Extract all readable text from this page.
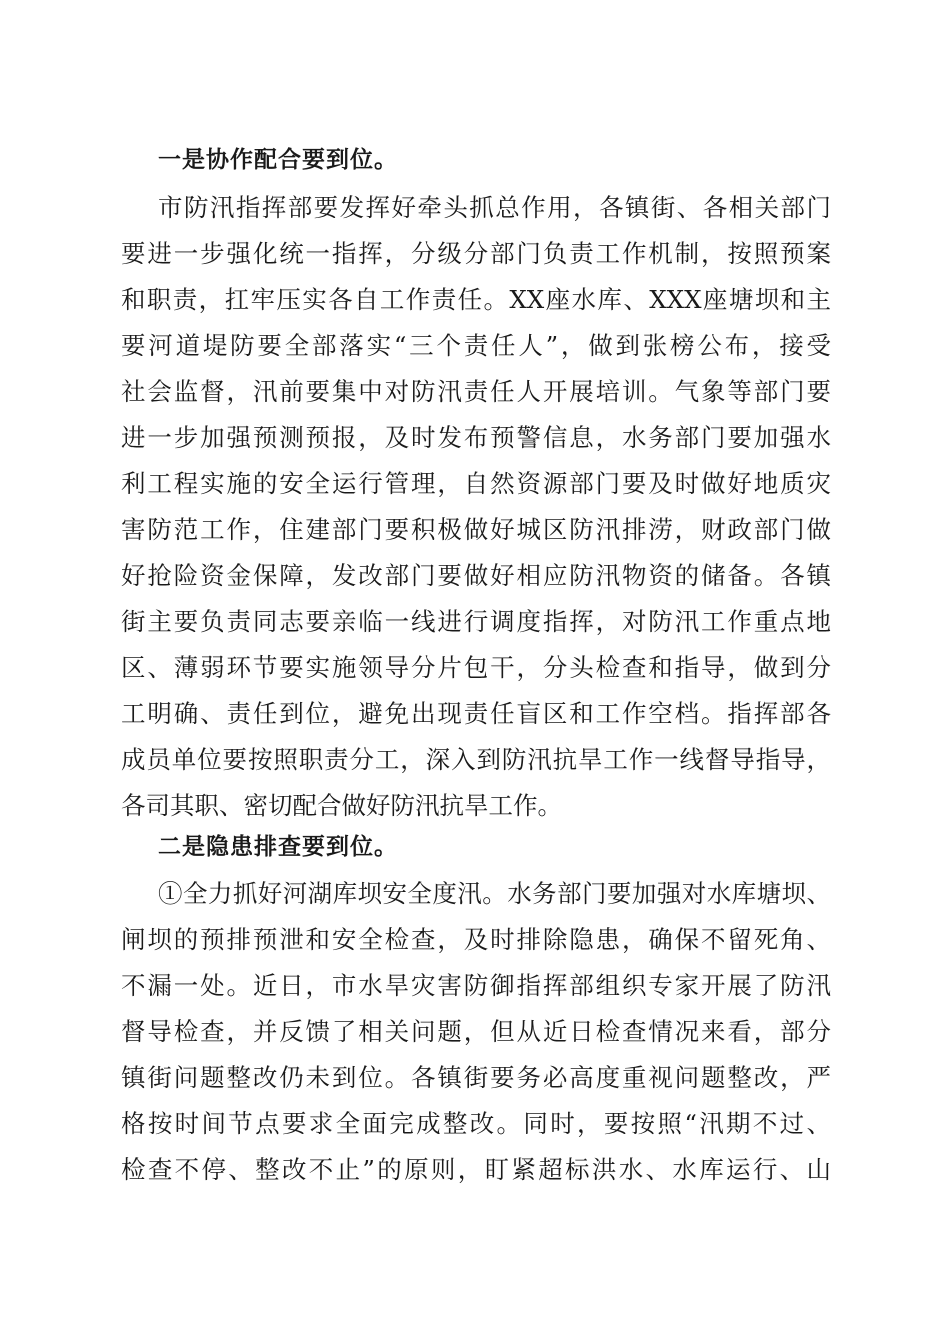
一是协作配合要到位。
市防汛指挥部要发挥好牵头抓总作用，各镇街、各相关部门
要进一步强化统一指挥，分级分部门负责工作机制，按照预案
和职责，扛牢压实各自工作责任。XX座水库、XXX座塘坝和主
要河道堤防要全部落实“三个责任人”，做到张榜公布，接受
社会监督，汛前要集中对防汛责任人开展培训。气象等部门要
进一步加强预测预报，及时发布预警信息，水务部门要加强水
利工程实施的安全运行管理，自然资源部门要及时做好地质灾
害防范工作，住建部门要积极做好城区防汛排涝，财政部门做
好抢险资金保障，发改部门要做好相应防汛物资的储备。各镇
街主要负责同志要亲临一线进行调度指挥，对防汛工作重点地
区、薄弱环节要实施领导分片包干，分头检查和指导，做到分
工明确、责任到位，避免出现责任盲区和工作空档。指挥部各
成员单位要按照职责分工，深入到防汛抗旱工作一线督导指导，
各司其职、密切配合做好防汛抗旱工作。
二是隐患排查要到位。
①全力抓好河湖库坝安全度汛。水务部门要加强对水库塘坝、
闸坝的预排预泄和安全检查，及时排除隐患，确保不留死角、
不漏一处。近日，市水旱灾害防御指挥部组织专家开展了防汛
督导检查，并反馈了相关问题，但从近日检查情况来看，部分
镇街问题整改仍未到位。各镇街要务必高度重视问题整改，严
格按时间节点要求全面完成整改。同时，要按照“汛期不过、
检查不停、整改不止”的原则，盯紧超标洪水、水库运行、山
